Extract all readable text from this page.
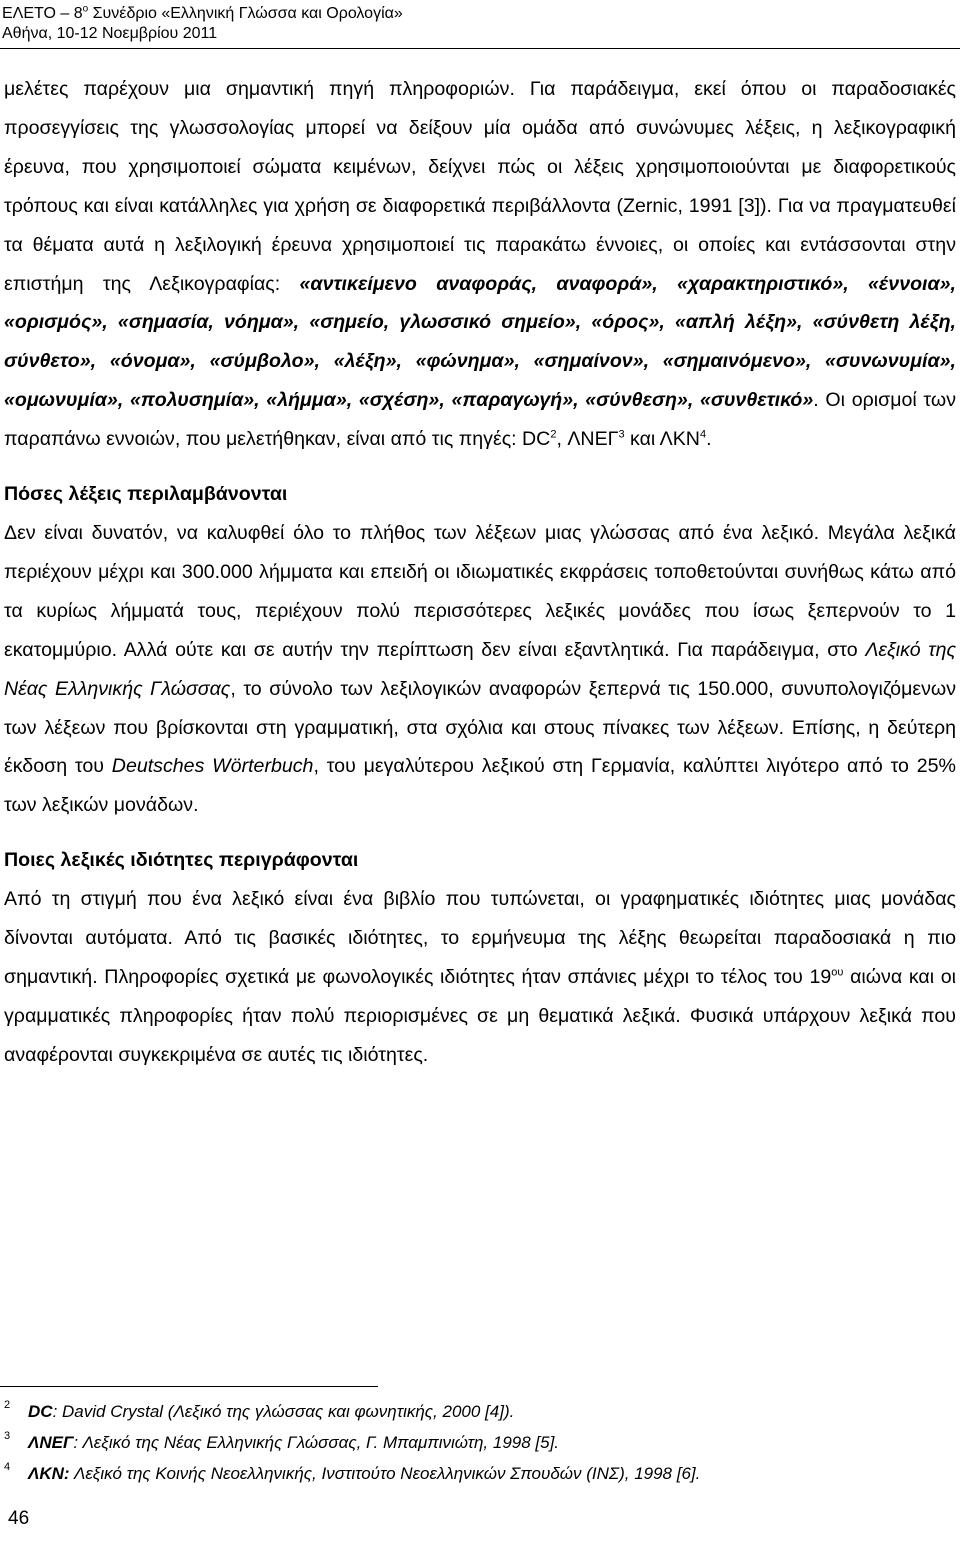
ΕΛΕΤΟ – $8^o$ Συνέδριο «Ελληνική Γλώσσα και Ορολογία»
Αθήνα, 10-12 Νοεμβρίου 2011

μελέτες παρέχουν μια σημαντική πηγή πληροφοριών. Για παράδειγμα, εκεί όπου οι παραδοσιακές προσεγγίσεις της γλωσσολογίας μπορεί να δείξουν μία ομάδα από συνώνυμες λέξεις, η λεξικογραφική έρευνα, που χρησιμοποιεί σώματα κειμένων, δείχνει πώς οι λέξεις χρησιμοποιούνται με διαφορετικούς τρόπους και είναι κατάλληλες για χρήση σε διαφορετικά περιβάλλοντα (Zernic, 1991 [3]). Για να πραγματευθεί τα θέματα αυτά η λεξιλογική έρευνα χρησιμοποιεί τις παρακάτω έννοιες, οι οποίες και εντάσσονται στην επιστήμη της Λεξικογραφίας: «αντικείμενο αναφοράς, αναφορά», «χαρακτηριστικό», «έννοια», «ορισμός», «σημασία, νόημα», «σημείο, γλωσσικό σημείο», «όρος», «απλή λέξη», «σύνθετη λέξη, σύνθετο», «όνομα», «σύμβολο», «λέξη», «φώνημα», «σημαίνον», «σημαινόμενο», «συνωνυμία», «ομωνυμία», «πολυσημία», «λήμμα», «σχέση», «παραγωγή», «σύνθεση», «συνθετικό». Οι ορισμοί των παραπάνω εννοιών, που μελετήθηκαν, είναι από τις πηγές: $DC^2$, ΛΝΕΓ$^3$ και ΛΚΝ$^4$.

Πόσες λέξεις περιλαμβάνονται

Δεν είναι δυνατόν, να καλυφθεί όλο το πλήθος των λέξεων μιας γλώσσας από ένα λεξικό. Μεγάλα λεξικά περιέχουν μέχρι και 300.000 λήμματα και επειδή οι ιδιωματικές εκφράσεις τοποθετούνται συνήθως κάτω από τα κυρίως λήμματά τους, περιέχουν πολύ περισσότερες λεξικές μονάδες που ίσως ξεπερνούν το 1 εκατομμύριο. Αλλά ούτε και σε αυτήν την περίπτωση δεν είναι εξαντλητικά. Για παράδειγμα, στο Λεξικό της Νέας Ελληνικής Γλώσσας, το σύνολο των λεξιλογικών αναφορών ξεπερνά τις 150.000, συνυπολογιζόμενων των λέξεων που βρίσκονται στη γραμματική, στα σχόλια και στους πίνακες των λέξεων. Επίσης, η δεύτερη έκδοση του Deutsches Wörterbuch, του μεγαλύτερου λεξικού στη Γερμανία, καλύπτει λιγότερο από το 25% των λεξικών μονάδων.

Ποιες λεξικές ιδιότητες περιγράφονται

Από τη στιγμή που ένα λεξικό είναι ένα βιβλίο που τυπώνεται, οι γραφηματικές ιδιότητες μιας μονάδας δίνονται αυτόματα. Από τις βασικές ιδιότητες, το ερμήνευμα της λέξης θεωρείται παραδοσιακά η πιο σημαντική. Πληροφορίες σχετικά με φωνολογικές ιδιότητες ήταν σπάνιες μέχρι το τέλος του $19^{o\upsilon}$ αιώνα και οι γραμματικές πληροφορίες ήταν πολύ περιορισμένες σε μη θεματικά λεξικά. Φυσικά υπάρχουν λεξικά που αναφέρονται συγκεκριμένα σε αυτές τις ιδιότητες.

2 DC: David Crystal (Λεξικό της γλώσσας και φωνητικής, 2000 [4]).
3 ΛΝΕΓ: Λεξικό της Νέας Ελληνικής Γλώσσας, Γ. Μπαμπινιώτη, 1998 [5].
4 ΛΚΝ: Λεξικό της Κοινής Νεοελληνικής, Ινστιτούτο Νεοελληνικών Σπουδών (ΙΝΣ), 1998 [6].
46
